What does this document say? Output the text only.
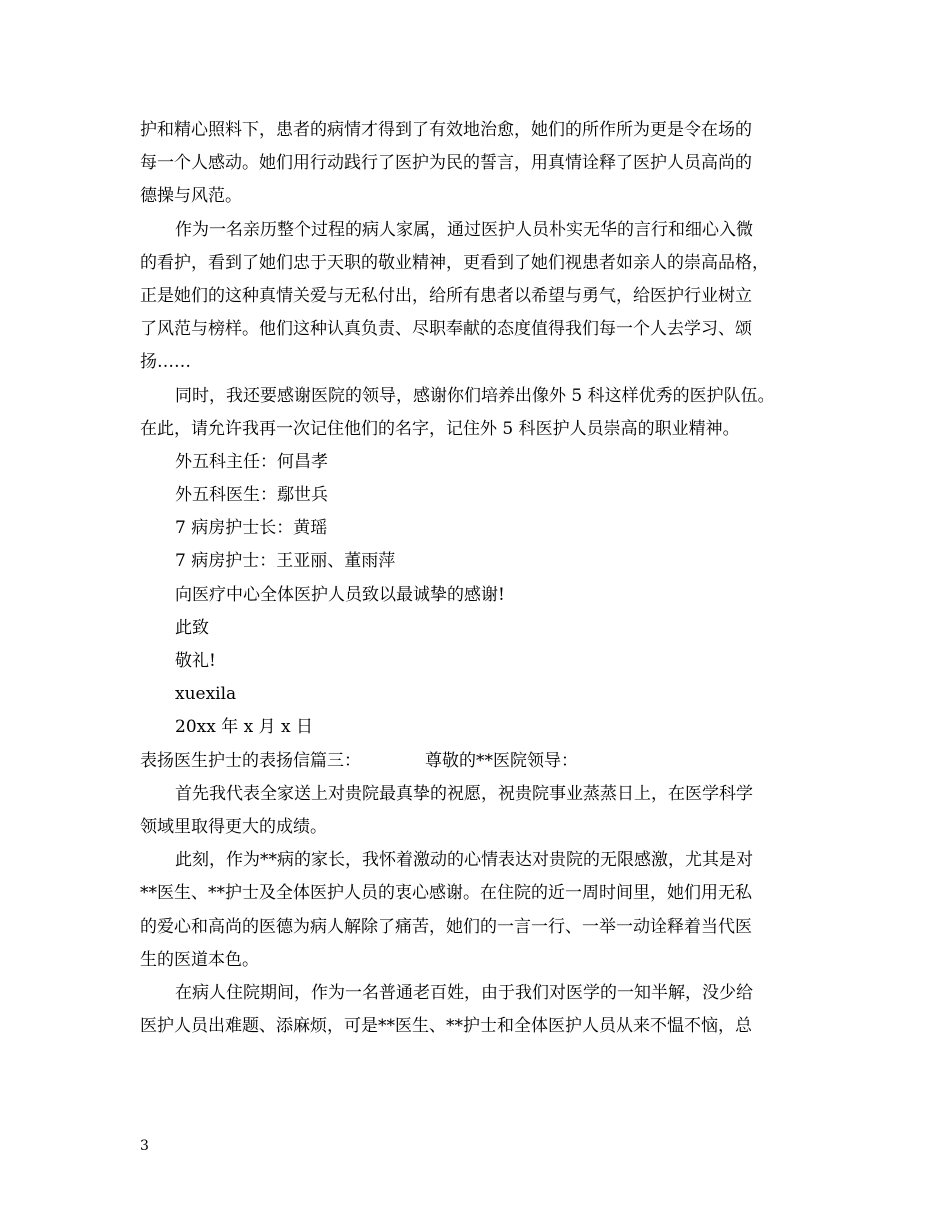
护和精心照料下，患者的病情才得到了有效地治愈，她们的所作所为更是令在场的
每一个人感动。她们用行动践行了医护为民的誓言，用真情诠释了医护人员高尚的
德操与风范。
作为一名亲历整个过程的病人家属，通过医护人员朴实无华的言行和细心入微
的看护，看到了她们忠于天职的敬业精神，更看到了她们视患者如亲人的崇高品格，
正是她们的这种真情关爱与无私付出，给所有患者以希望与勇气，给医护行业树立
了风范与榜样。他们这种认真负责、尽职奉献的态度值得我们每一个人去学习、颂
扬……
同时，我还要感谢医院的领导，感谢你们培养出像外 5 科这样优秀的医护队伍。
在此，请允许我再一次记住他们的名字，记住外 5 科医护人员崇高的职业精神。
外五科主任：何昌孝
外五科医生：鄢世兵
7 病房护士长：黄瑶
7 病房护士：王亚丽、董雨萍
向医疗中心全体医护人员致以最诚挚的感谢!
此致
敬礼!
xuexila
20xx 年 x 月 x 日
表扬医生护士的表扬信篇三：	尊敬的**医院领导：
首先我代表全家送上对贵院最真挚的祝愿，祝贵院事业蒸蒸日上，在医学科学
领域里取得更大的成绩。
此刻，作为**病的家长，我怀着激动的心情表达对贵院的无限感激，尤其是对
**医生、**护士及全体医护人员的衷心感谢。在住院的近一周时间里，她们用无私
的爱心和高尚的医德为病人解除了痛苦，她们的一言一行、一举一动诠释着当代医
生的医道本色。
在病人住院期间，作为一名普通老百姓，由于我们对医学的一知半解，没少给
医护人员出难题、添麻烦，可是**医生、**护士和全体医护人员从来不愠不恼，总
3
